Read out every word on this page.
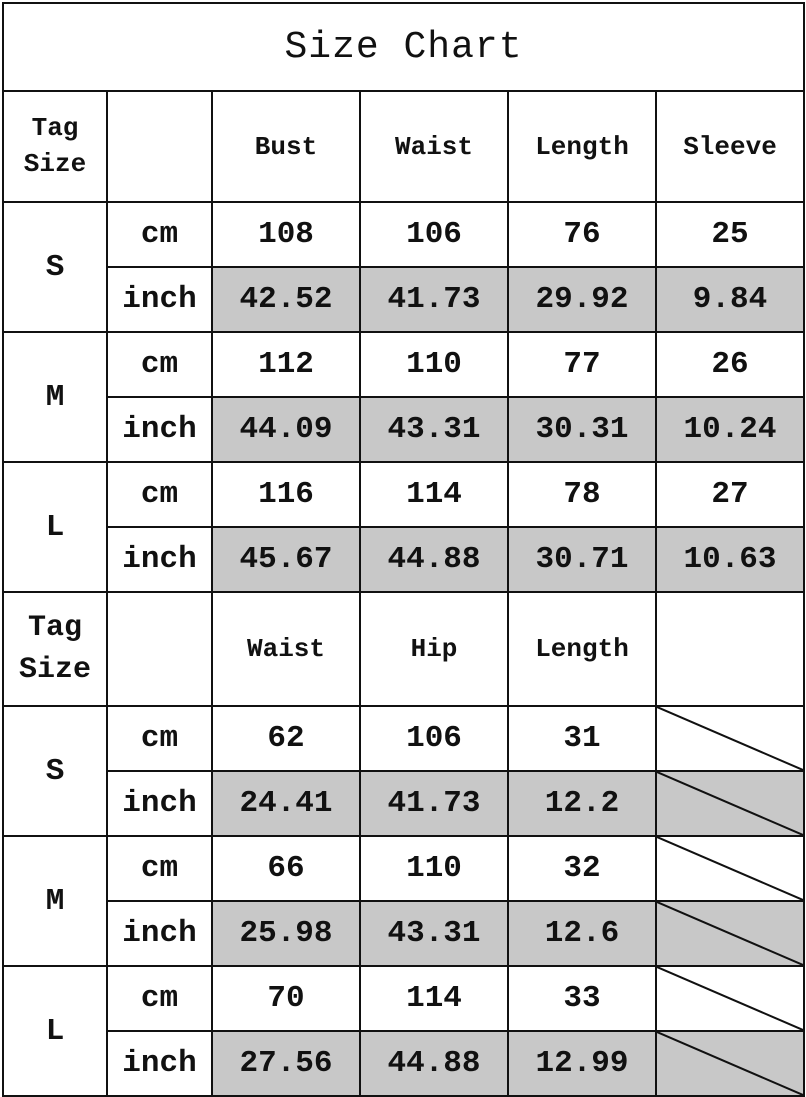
Size Chart					

Tag
Size		Bust	Waist	Length	Sleeve
S	cm	108	106	76	25
	inch	42.52	41.73	29.92	9.84
M	cm	112	110	77	26
	inch	44.09	43.31	30.31	10.24
L	cm	116	114	78	27
	inch	45.67	44.88	30.71	10.63

Tag
Size		Waist	Hip	Length	
S	cm	62	106	31	

	inch	24.41	41.73	12.2	

M	cm	66	110	32	

	inch	25.98	43.31	12.6	

L	cm	70	114	33	

	inch	27.56	44.88	12.99	
